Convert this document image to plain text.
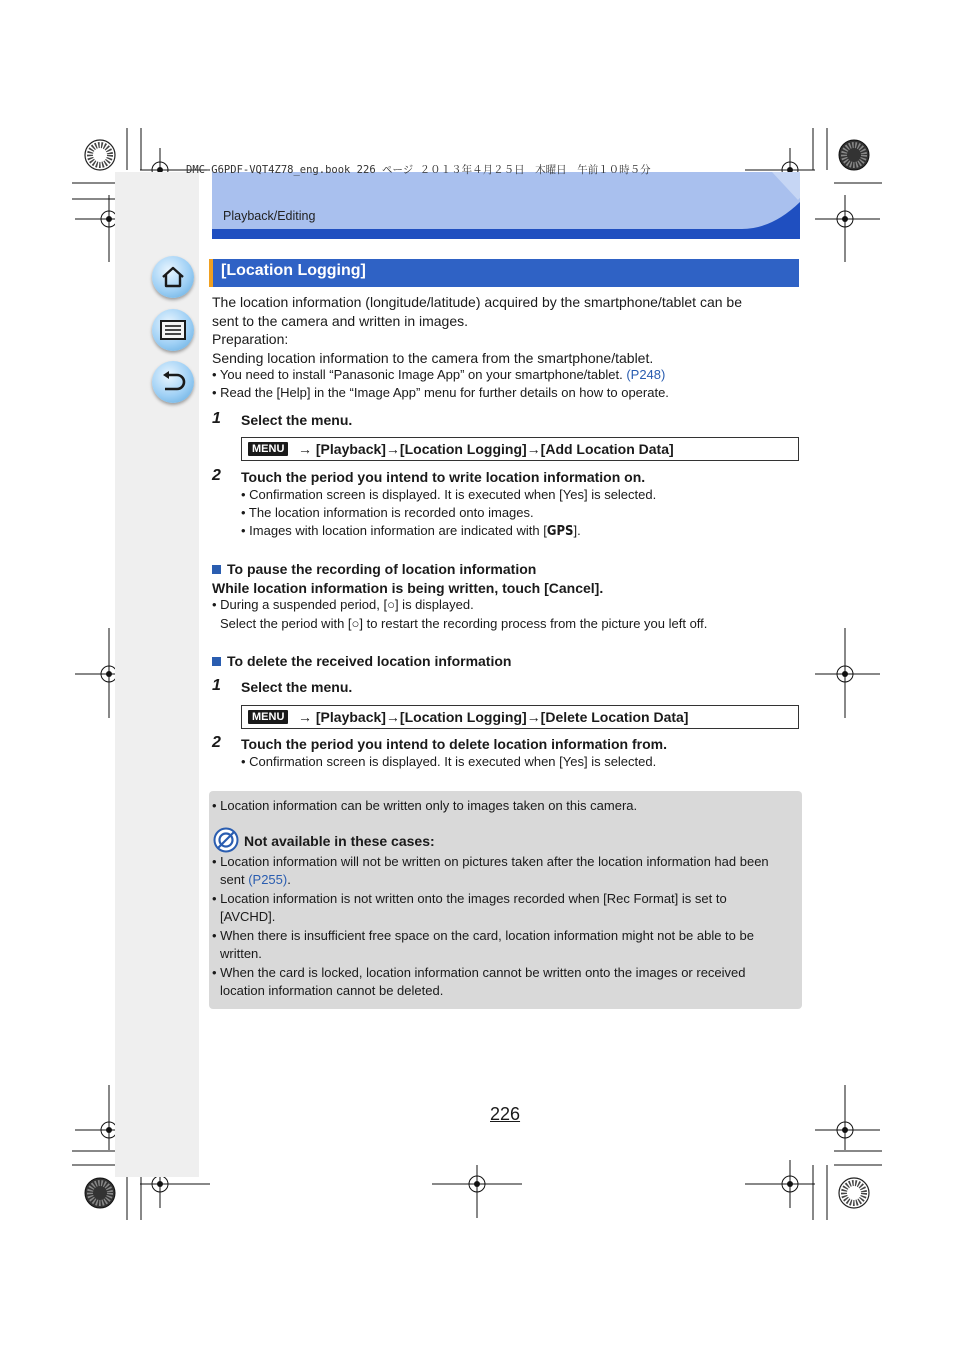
Playback/Editing
DMC-G6PDF-VQT4Z78_eng.book 226 ページ ２０１３年４月２５日　木曜日　午前１０時５分
[Location Logging]
The location information (longitude/latitude) acquired by the smartphone/tablet can be
sent to the camera and written in images.
Preparation:
Sending location information to the camera from the smartphone/tablet.
• You need to install “Panasonic Image App” on your smartphone/tablet. (P248)
• Read the [Help] in the “Image App” menu for further details on how to operate.
1 Select the menu.
MENU → [Playback]→[Location Logging]→[Add Location Data]
2 Touch the period you intend to write location information on.
• Confirmation screen is displayed. It is executed when [Yes] is selected.
• The location information is recorded onto images.
• Images with location information are indicated with [GPS].
To pause the recording of location information
While location information is being written, touch [Cancel].
• During a suspended period, [○] is displayed.
Select the period with [○] to restart the recording process from the picture you left off.
To delete the received location information
1 Select the menu.
MENU → [Playback]→[Location Logging]→[Delete Location Data]
2 Touch the period you intend to delete location information from.
• Confirmation screen is displayed. It is executed when [Yes] is selected.
• Location information can be written only to images taken on this camera.
Not available in these cases:
• Location information will not be written on pictures taken after the location information had been
sent (P255).
• Location information is not written onto the images recorded when [Rec Format] is set to
[AVCHD].
• When there is insufficient free space on the card, location information might not be able to be
written.
• When the card is locked, location information cannot be written onto the images or received
location information cannot be deleted.
226
